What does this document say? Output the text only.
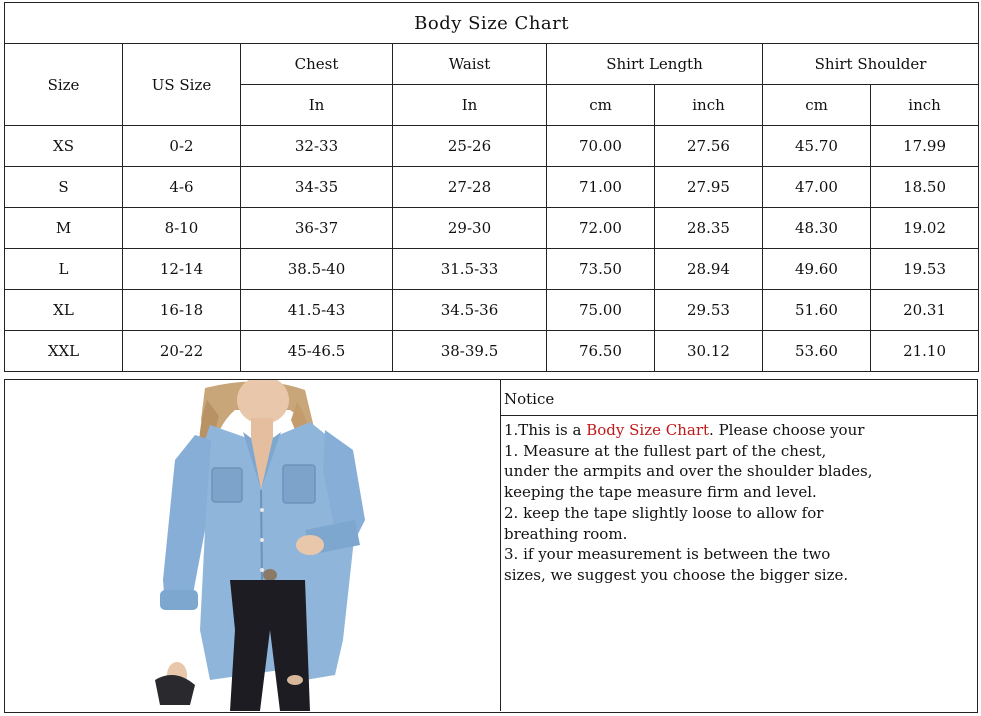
Body Size Chart							
Size	US Size	Chest	Waist	Shirt Length		Shirt Shoulder	
		In	In	cm	inch	cm	inch
XS	0-2	32-33	25-26	70.00	27.56	45.70	17.99
S	4-6	34-35	27-28	71.00	27.95	47.00	18.50
M	8-10	36-37	29-30	72.00	28.35	48.30	19.02
L	12-14	38.5-40	31.5-33	73.50	28.94	49.60	19.53
XL	16-18	41.5-43	34.5-36	75.00	29.53	51.60	20.31
XXL	20-22	45-46.5	38-39.5	76.50	30.12	53.60	21.10
Notice
1.This is a Body Size Chart. Please choose your
1. Measure at the fullest part of the chest,
under the armpits and over the shoulder blades,
keeping the tape measure firm and level.
2. keep the tape slightly loose to allow for
breathing room.
3. if your measurement is between the two
sizes, we suggest you choose the bigger size.
